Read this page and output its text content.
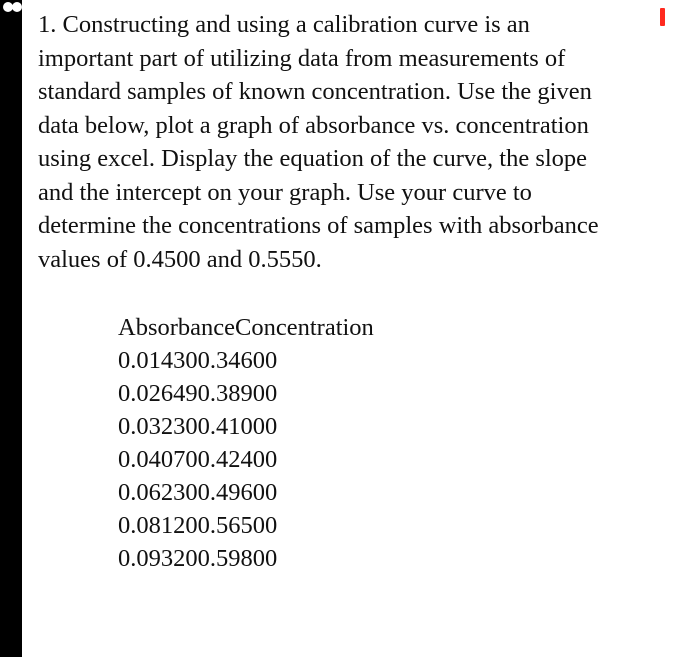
1. Constructing and using a calibration curve is an
important part of utilizing data from measurements of
standard samples of known concentration. Use the given
data below, plot a graph of absorbance vs. concentration
using excel. Display the equation of the curve, the slope
and the intercept on your graph. Use your curve to
determine the concentrations of samples with absorbance
values of 0.4500 and 0.5550.

AbsorbanceConcentration
0.014300.34600
0.026490.38900
0.032300.41000
0.040700.42400
0.062300.49600
0.081200.56500
0.093200.59800
